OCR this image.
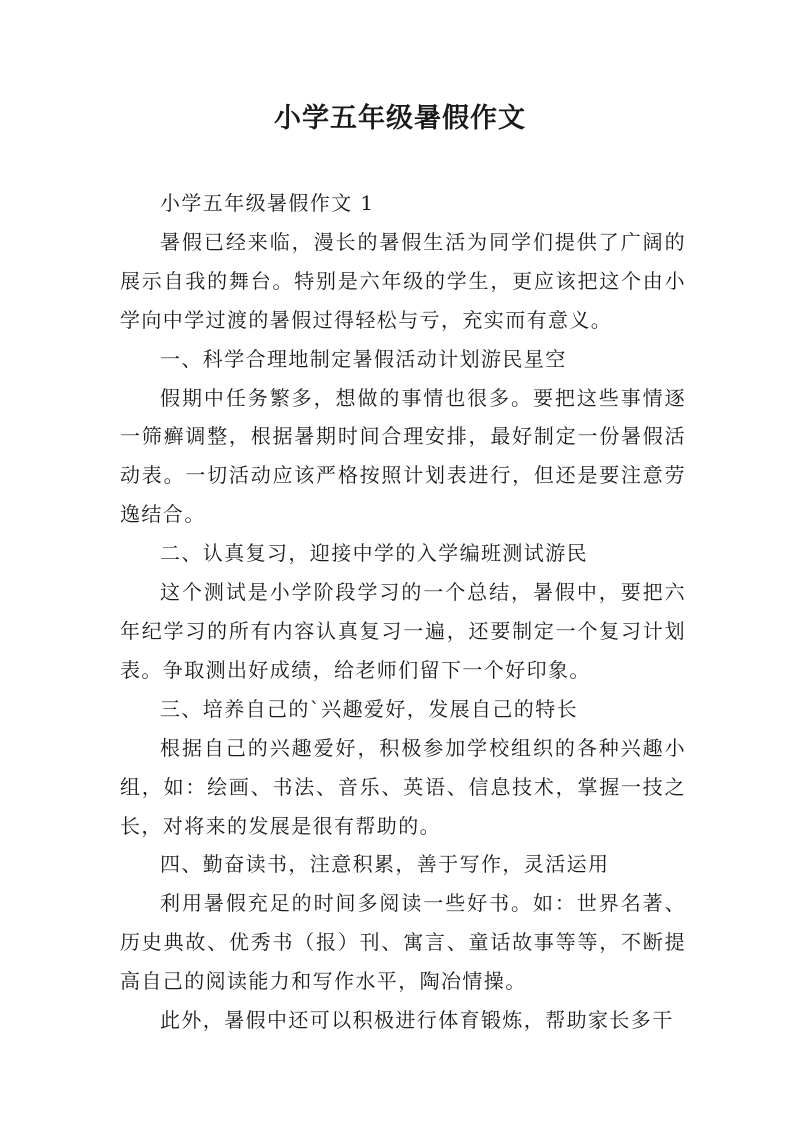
小学五年级暑假作文

小学五年级暑假作文 1

暑假已经来临，漫长的暑假生活为同学们提供了广阔的展示自我的舞台。特别是六年级的学生，更应该把这个由小学向中学过渡的暑假过得轻松与亏，充实而有意义。

一、科学合理地制定暑假活动计划游民星空

假期中任务繁多，想做的事情也很多。要把这些事情逐一筛癣调整，根据暑期时间合理安排，最好制定一份暑假活动表。一切活动应该严格按照计划表进行，但还是要注意劳逸结合。

二、认真复习，迎接中学的入学编班测试游民

这个测试是小学阶段学习的一个总结，暑假中，要把六年纪学习的所有内容认真复习一遍，还要制定一个复习计划表。争取测出好成绩，给老师们留下一个好印象。

三、培养自己的`兴趣爱好，发展自己的特长

根据自己的兴趣爱好，积极参加学校组织的各种兴趣小组，如：绘画、书法、音乐、英语、信息技术，掌握一技之长，对将来的发展是很有帮助的。

四、勤奋读书，注意积累，善于写作，灵活运用

利用暑假充足的时间多阅读一些好书。如：世界名著、历史典故、优秀书（报）刊、寓言、童话故事等等，不断提高自己的阅读能力和写作水平，陶冶情操。

此外，暑假中还可以积极进行体育锻炼，帮助家长多干
